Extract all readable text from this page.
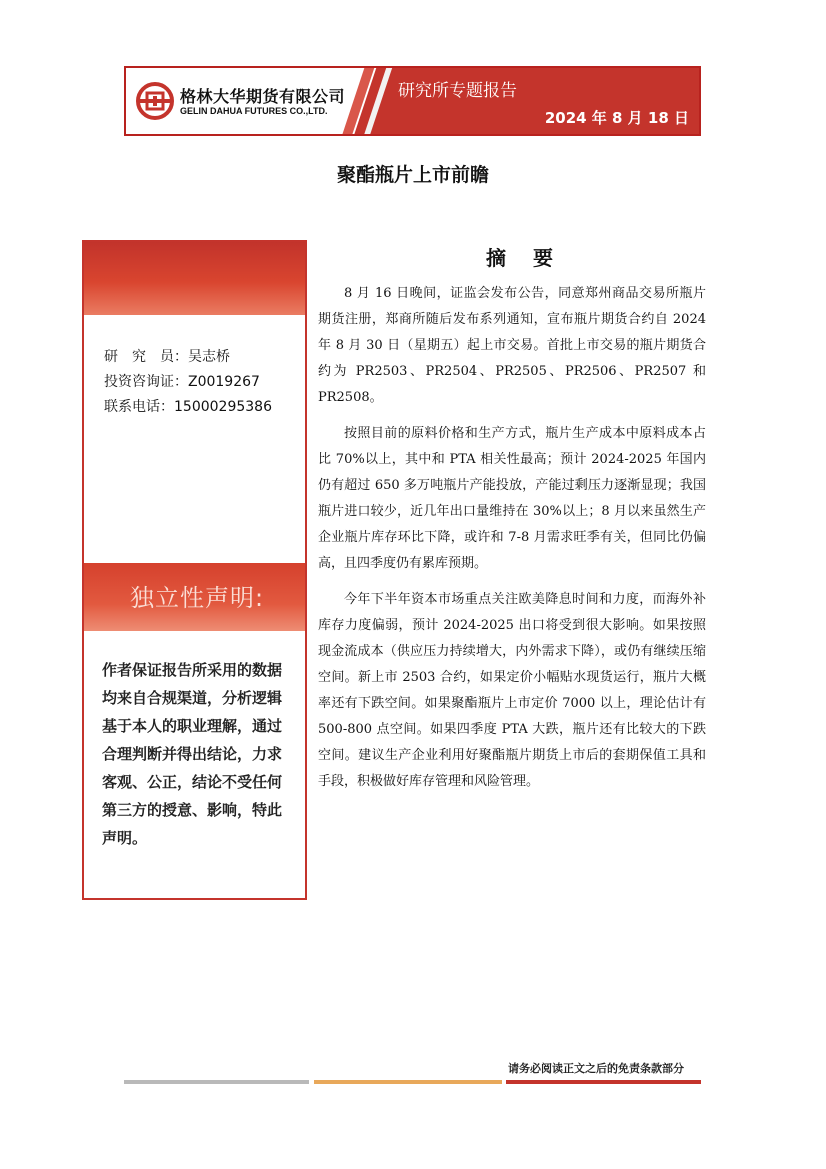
格林大华期货有限公司
GELIN DAHUA FUTURES CO.,LTD.
研究所专题报告
2024 年 8 月 18 日
聚酯瓶片上市前瞻
研　究　员：吴志桥
投资咨询证：Z0019267
联系电话：15000295386
独立性声明:
作者保证报告所采用的数据均来自合规渠道，分析逻辑基于本人的职业理解，通过合理判断并得出结论，力求客观、公正，结论不受任何第三方的授意、影响，特此声明。
摘 要

8 月 16 日晚间，证监会发布公告，同意郑州商品交易所瓶片期货注册，郑商所随后发布系列通知，宣布瓶片期货合约自 2024 年 8 月 30 日（星期五）起上市交易。首批上市交易的瓶片期货合约为 PR2503、PR2504、PR2505、PR2506、PR2507 和 PR2508。

按照目前的原料价格和生产方式，瓶片生产成本中原料成本占比 70%以上，其中和 PTA 相关性最高；预计 2024-2025 年国内仍有超过 650 多万吨瓶片产能投放，产能过剩压力逐渐显现；我国瓶片进口较少，近几年出口量维持在 30%以上；8 月以来虽然生产企业瓶片库存环比下降，或许和 7-8 月需求旺季有关，但同比仍偏高，且四季度仍有累库预期。

今年下半年资本市场重点关注欧美降息时间和力度，而海外补库存力度偏弱，预计 2024-2025 出口将受到很大影响。如果按照现金流成本（供应压力持续增大，内外需求下降），或仍有继续压缩空间。新上市 2503 合约，如果定价小幅贴水现货运行，瓶片大概率还有下跌空间。如果聚酯瓶片上市定价 7000 以上，理论估计有 500-800 点空间。如果四季度 PTA 大跌，瓶片还有比较大的下跌空间。建议生产企业利用好聚酯瓶片期货上市后的套期保值工具和手段，积极做好库存管理和风险管理。

请务必阅读正文之后的免责条款部分
